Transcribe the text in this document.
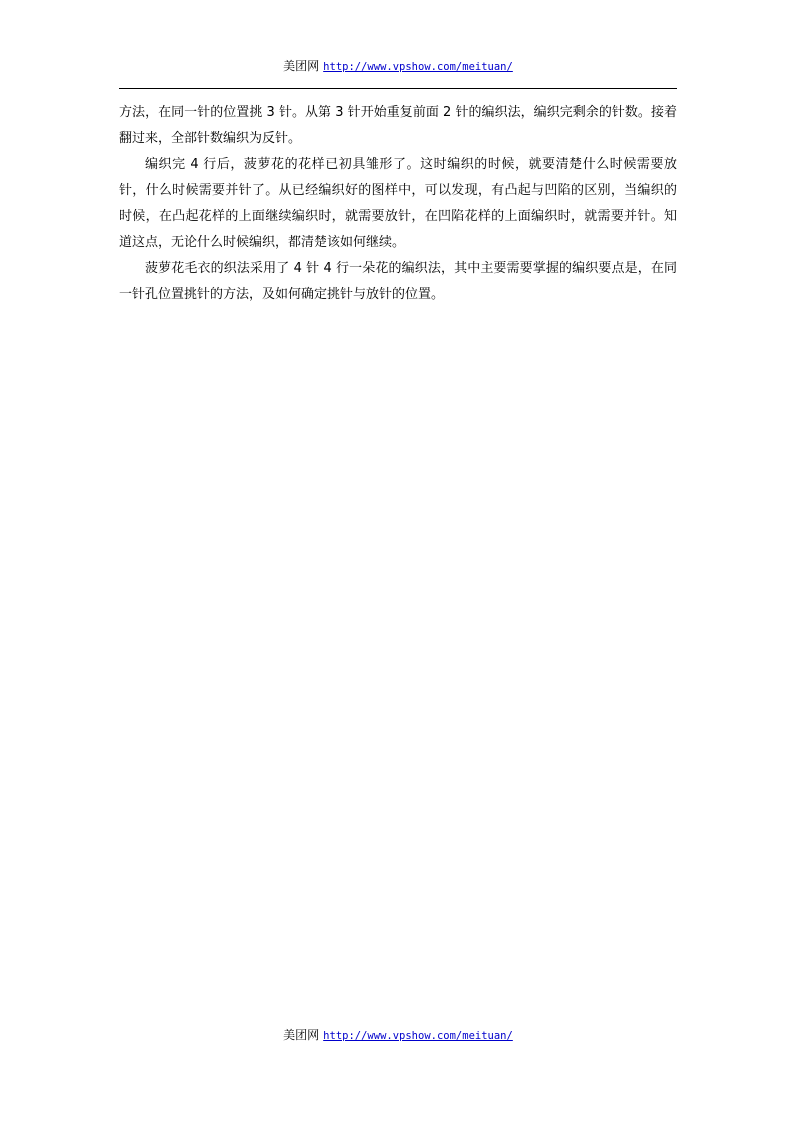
美团网 http://www.vpshow.com/meituan/

方法，在同一针的位置挑 3 针。从第 3 针开始重复前面 2 针的编织法，编织完剩余的针数。接着翻过来，全部针数编织为反针。

编织完 4 行后，菠萝花的花样已初具雏形了。这时编织的时候，就要清楚什么时候需要放针，什么时候需要并针了。从已经编织好的图样中，可以发现，有凸起与凹陷的区别，当编织的时候，在凸起花样的上面继续编织时，就需要放针，在凹陷花样的上面编织时，就需要并针。知道这点，无论什么时候编织，都清楚该如何继续。

菠萝花毛衣的织法采用了 4 针 4 行一朵花的编织法，其中主要需要掌握的编织要点是，在同一针孔位置挑针的方法，及如何确定挑针与放针的位置。

美团网 http://www.vpshow.com/meituan/
